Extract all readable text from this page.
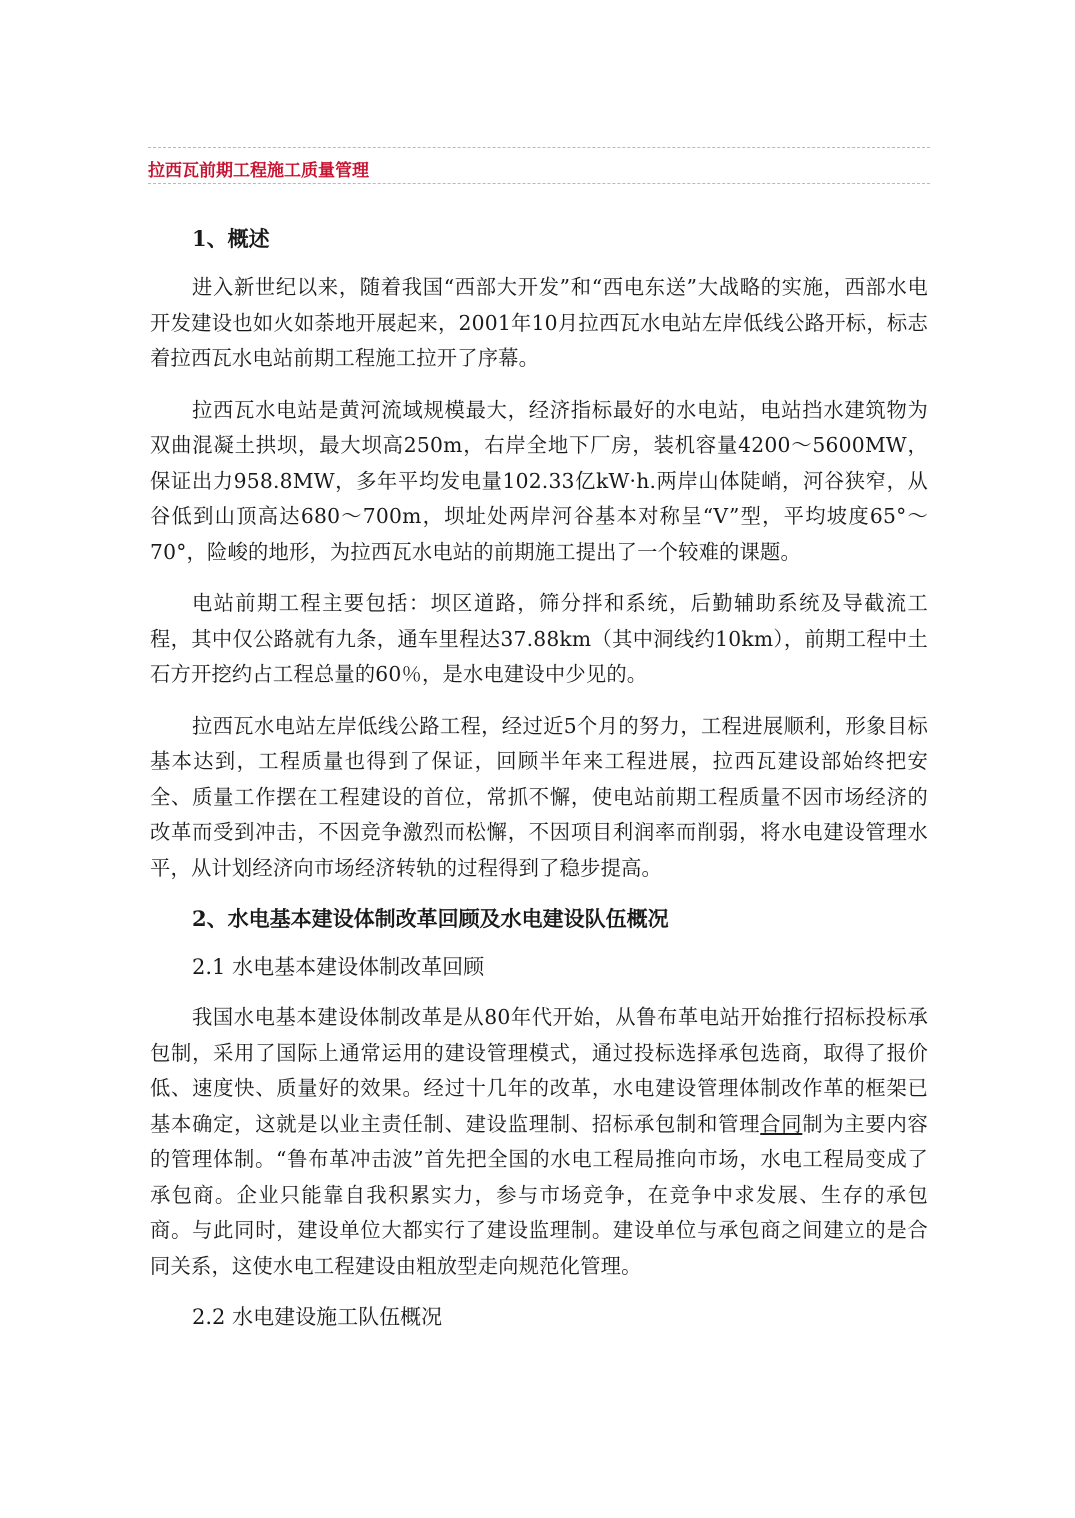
拉西瓦前期工程施工质量管理
1、概述

进入新世纪以来，随着我国“西部大开发”和“西电东送”大战略的实施，西部水电开发建设也如火如荼地开展起来，2001年10月拉西瓦水电站左岸低线公路开标，标志着拉西瓦水电站前期工程施工拉开了序幕。

拉西瓦水电站是黄河流域规模最大，经济指标最好的水电站，电站挡水建筑物为双曲混凝土拱坝，最大坝高250m，右岸全地下厂房，装机容量4200～5600MW，保证出力958.8MW，多年平均发电量102.33亿kW·h.两岸山体陡峭，河谷狭窄，从谷低到山顶高达680～700m，坝址处两岸河谷基本对称呈“V”型，平均坡度65°～70°，险峻的地形，为拉西瓦水电站的前期施工提出了一个较难的课题。

电站前期工程主要包括：坝区道路，筛分拌和系统，后勤辅助系统及导截流工程，其中仅公路就有九条，通车里程达37.88km（其中洞线约10km），前期工程中土石方开挖约占工程总量的60％，是水电建设中少见的。

拉西瓦水电站左岸低线公路工程，经过近5个月的努力，工程进展顺利，形象目标基本达到，工程质量也得到了保证，回顾半年来工程进展，拉西瓦建设部始终把安全、质量工作摆在工程建设的首位，常抓不懈，使电站前期工程质量不因市场经济的改革而受到冲击，不因竞争激烈而松懈，不因项目利润率而削弱，将水电建设管理水平，从计划经济向市场经济转轨的过程得到了稳步提高。

2、水电基本建设体制改革回顾及水电建设队伍概况
2.1 水电基本建设体制改革回顾

我国水电基本建设体制改革是从80年代开始，从鲁布革电站开始推行招标投标承包制，采用了国际上通常运用的建设管理模式，通过投标选择承包选商，取得了报价低、速度快、质量好的效果。经过十几年的改革，水电建设管理体制改作革的框架已基本确定，这就是以业主责任制、建设监理制、招标承包制和管理合同制为主要内容的管理体制。“鲁布革冲击波”首先把全国的水电工程局推向市场，水电工程局变成了承包商。企业只能靠自我积累实力，参与市场竞争，在竞争中求发展、生存的承包商。与此同时，建设单位大都实行了建设监理制。建设单位与承包商之间建立的是合同关系，这使水电工程建设由粗放型走向规范化管理。

2.2 水电建设施工队伍概况
